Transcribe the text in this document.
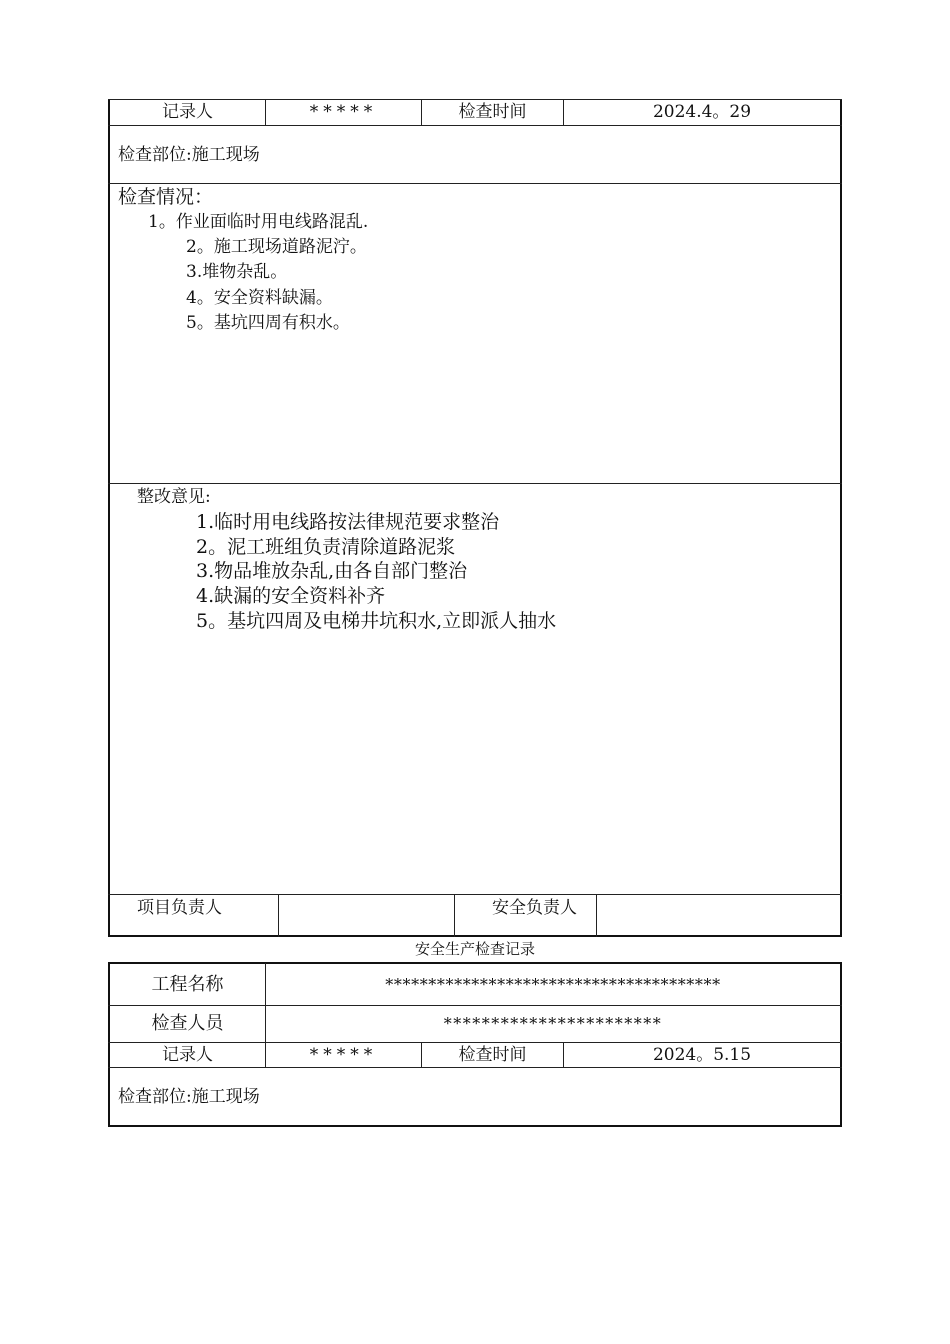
记录人	*****	检查时间	2024.4。29
检查部位:施工现场
检查情况：
1。作业面临时用电线路混乱.
2。施工现场道路泥泞。
3.堆物杂乱。
4。安全资料缺漏。
5。基坑四周有积水。
整改意见:
1.临时用电线路按法律规范要求整治
2。泥工班组负责清除道路泥浆
3.物品堆放杂乱,由各自部门整治
4.缺漏的安全资料补齐
5。基坑四周及电梯井坑积水,立即派人抽水
项目负责人	安全负责人
安全生产检查记录
工程名称	***************************************
检查人员	***********************
记录人	*****	检查时间	2024。5.15
检查部位:施工现场
